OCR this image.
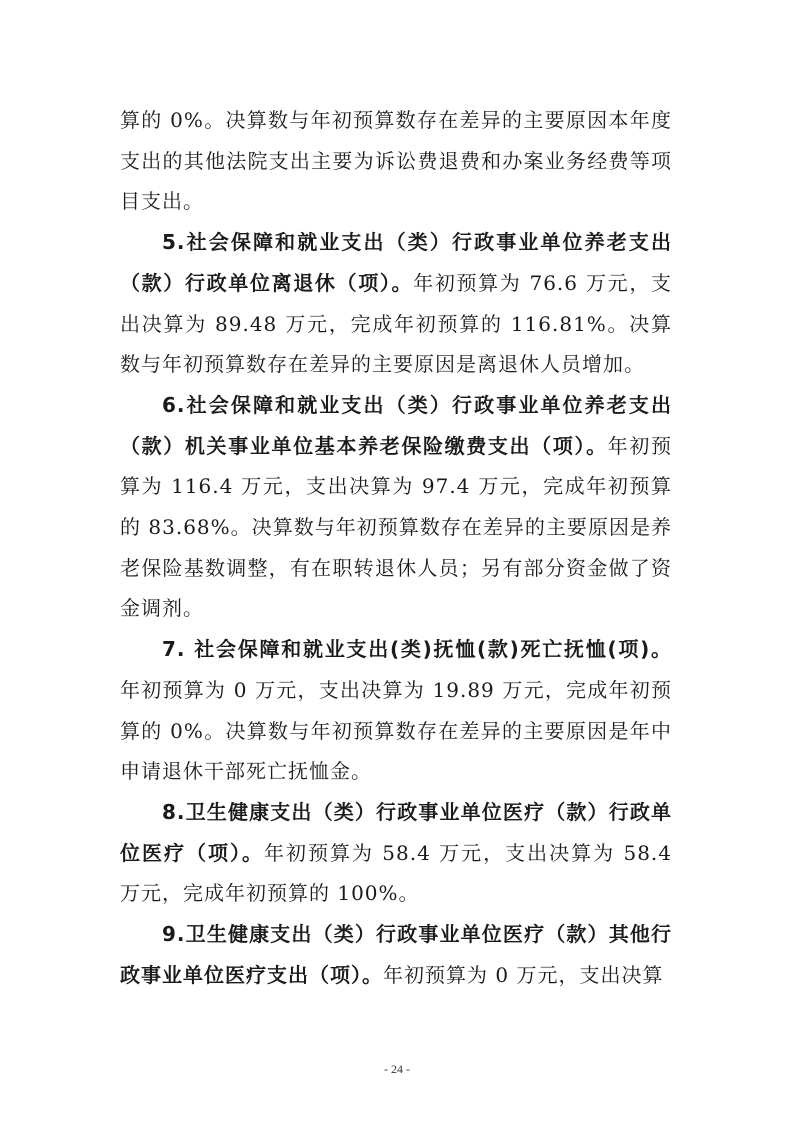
算的 0%。决算数与年初预算数存在差异的主要原因本年度支出的其他法院支出主要为诉讼费退费和办案业务经费等项目支出。

5.社会保障和就业支出（类）行政事业单位养老支出（款）行政单位离退休（项）。年初预算为 76.6 万元，支出决算为 89.48 万元，完成年初预算的 116.81%。决算数与年初预算数存在差异的主要原因是离退休人员增加。

6.社会保障和就业支出（类）行政事业单位养老支出（款）机关事业单位基本养老保险缴费支出（项）。年初预算为 116.4 万元，支出决算为 97.4 万元，完成年初预算的 83.68%。决算数与年初预算数存在差异的主要原因是养老保险基数调整，有在职转退休人员；另有部分资金做了资金调剂。

7. 社会保障和就业支出(类)抚恤(款)死亡抚恤(项)。年初预算为 0 万元，支出决算为 19.89 万元，完成年初预算的 0%。决算数与年初预算数存在差异的主要原因是年中申请退休干部死亡抚恤金。

8.卫生健康支出（类）行政事业单位医疗（款）行政单位医疗（项）。年初预算为 58.4 万元，支出决算为 58.4 万元，完成年初预算的 100%。

9.卫生健康支出（类）行政事业单位医疗（款）其他行政事业单位医疗支出（项）。年初预算为 0 万元，支出决算

- 24 -
